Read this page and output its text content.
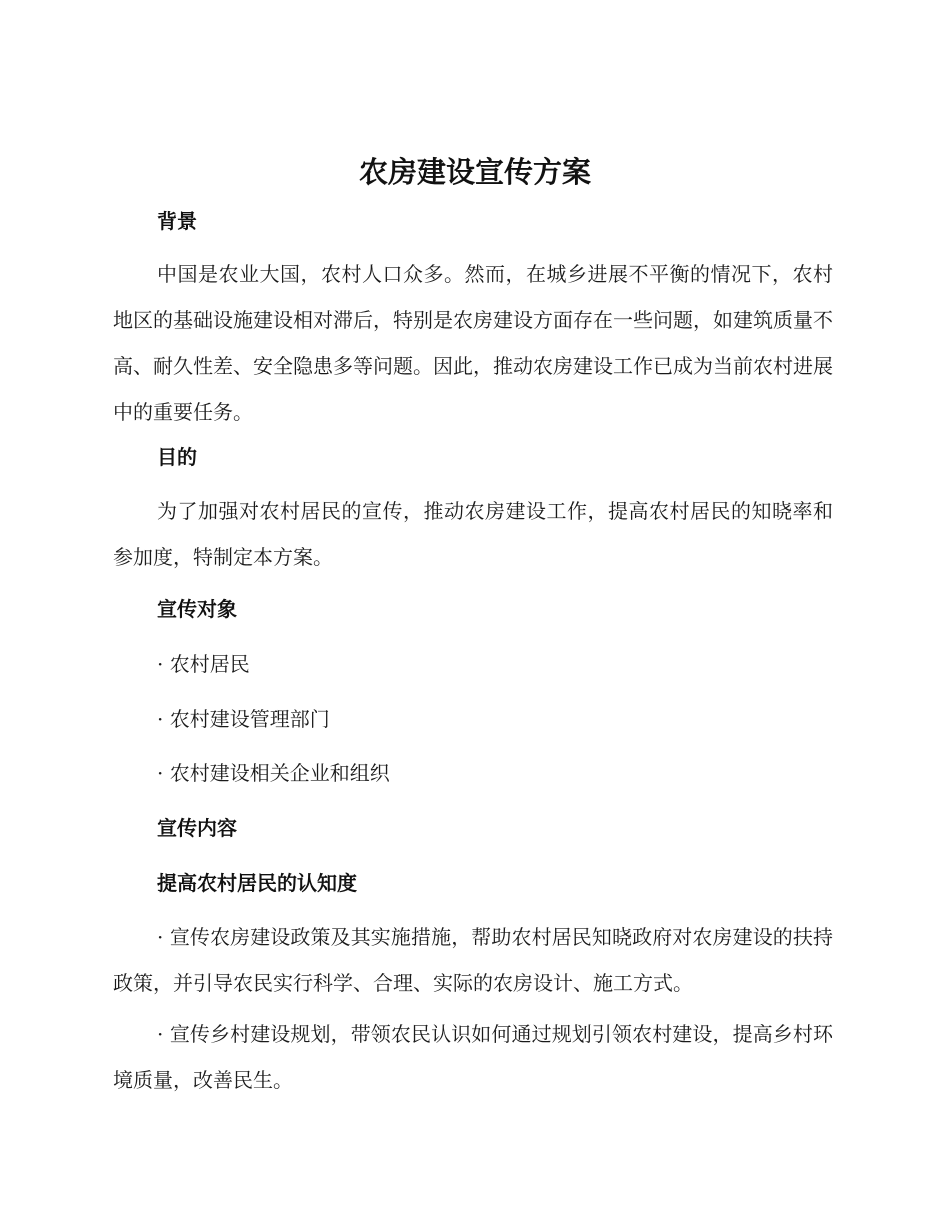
农房建设宣传方案
背景

中国是农业大国，农村人口众多。然而，在城乡进展不平衡的情况下，农村地区的基础设施建设相对滞后，特别是农房建设方面存在一些问题，如建筑质量不高、耐久性差、安全隐患多等问题。因此，推动农房建设工作已成为当前农村进展中的重要任务。

目的

为了加强对农村居民的宣传，推动农房建设工作，提高农村居民的知晓率和参加度，特制定本方案。

宣传对象

· 农村居民

· 农村建设管理部门

· 农村建设相关企业和组织

宣传内容
提高农村居民的认知度

· 宣传农房建设政策及其实施措施，帮助农村居民知晓政府对农房建设的扶持政策，并引导农民实行科学、合理、实际的农房设计、施工方式。

· 宣传乡村建设规划，带领农民认识如何通过规划引领农村建设，提高乡村环境质量，改善民生。
